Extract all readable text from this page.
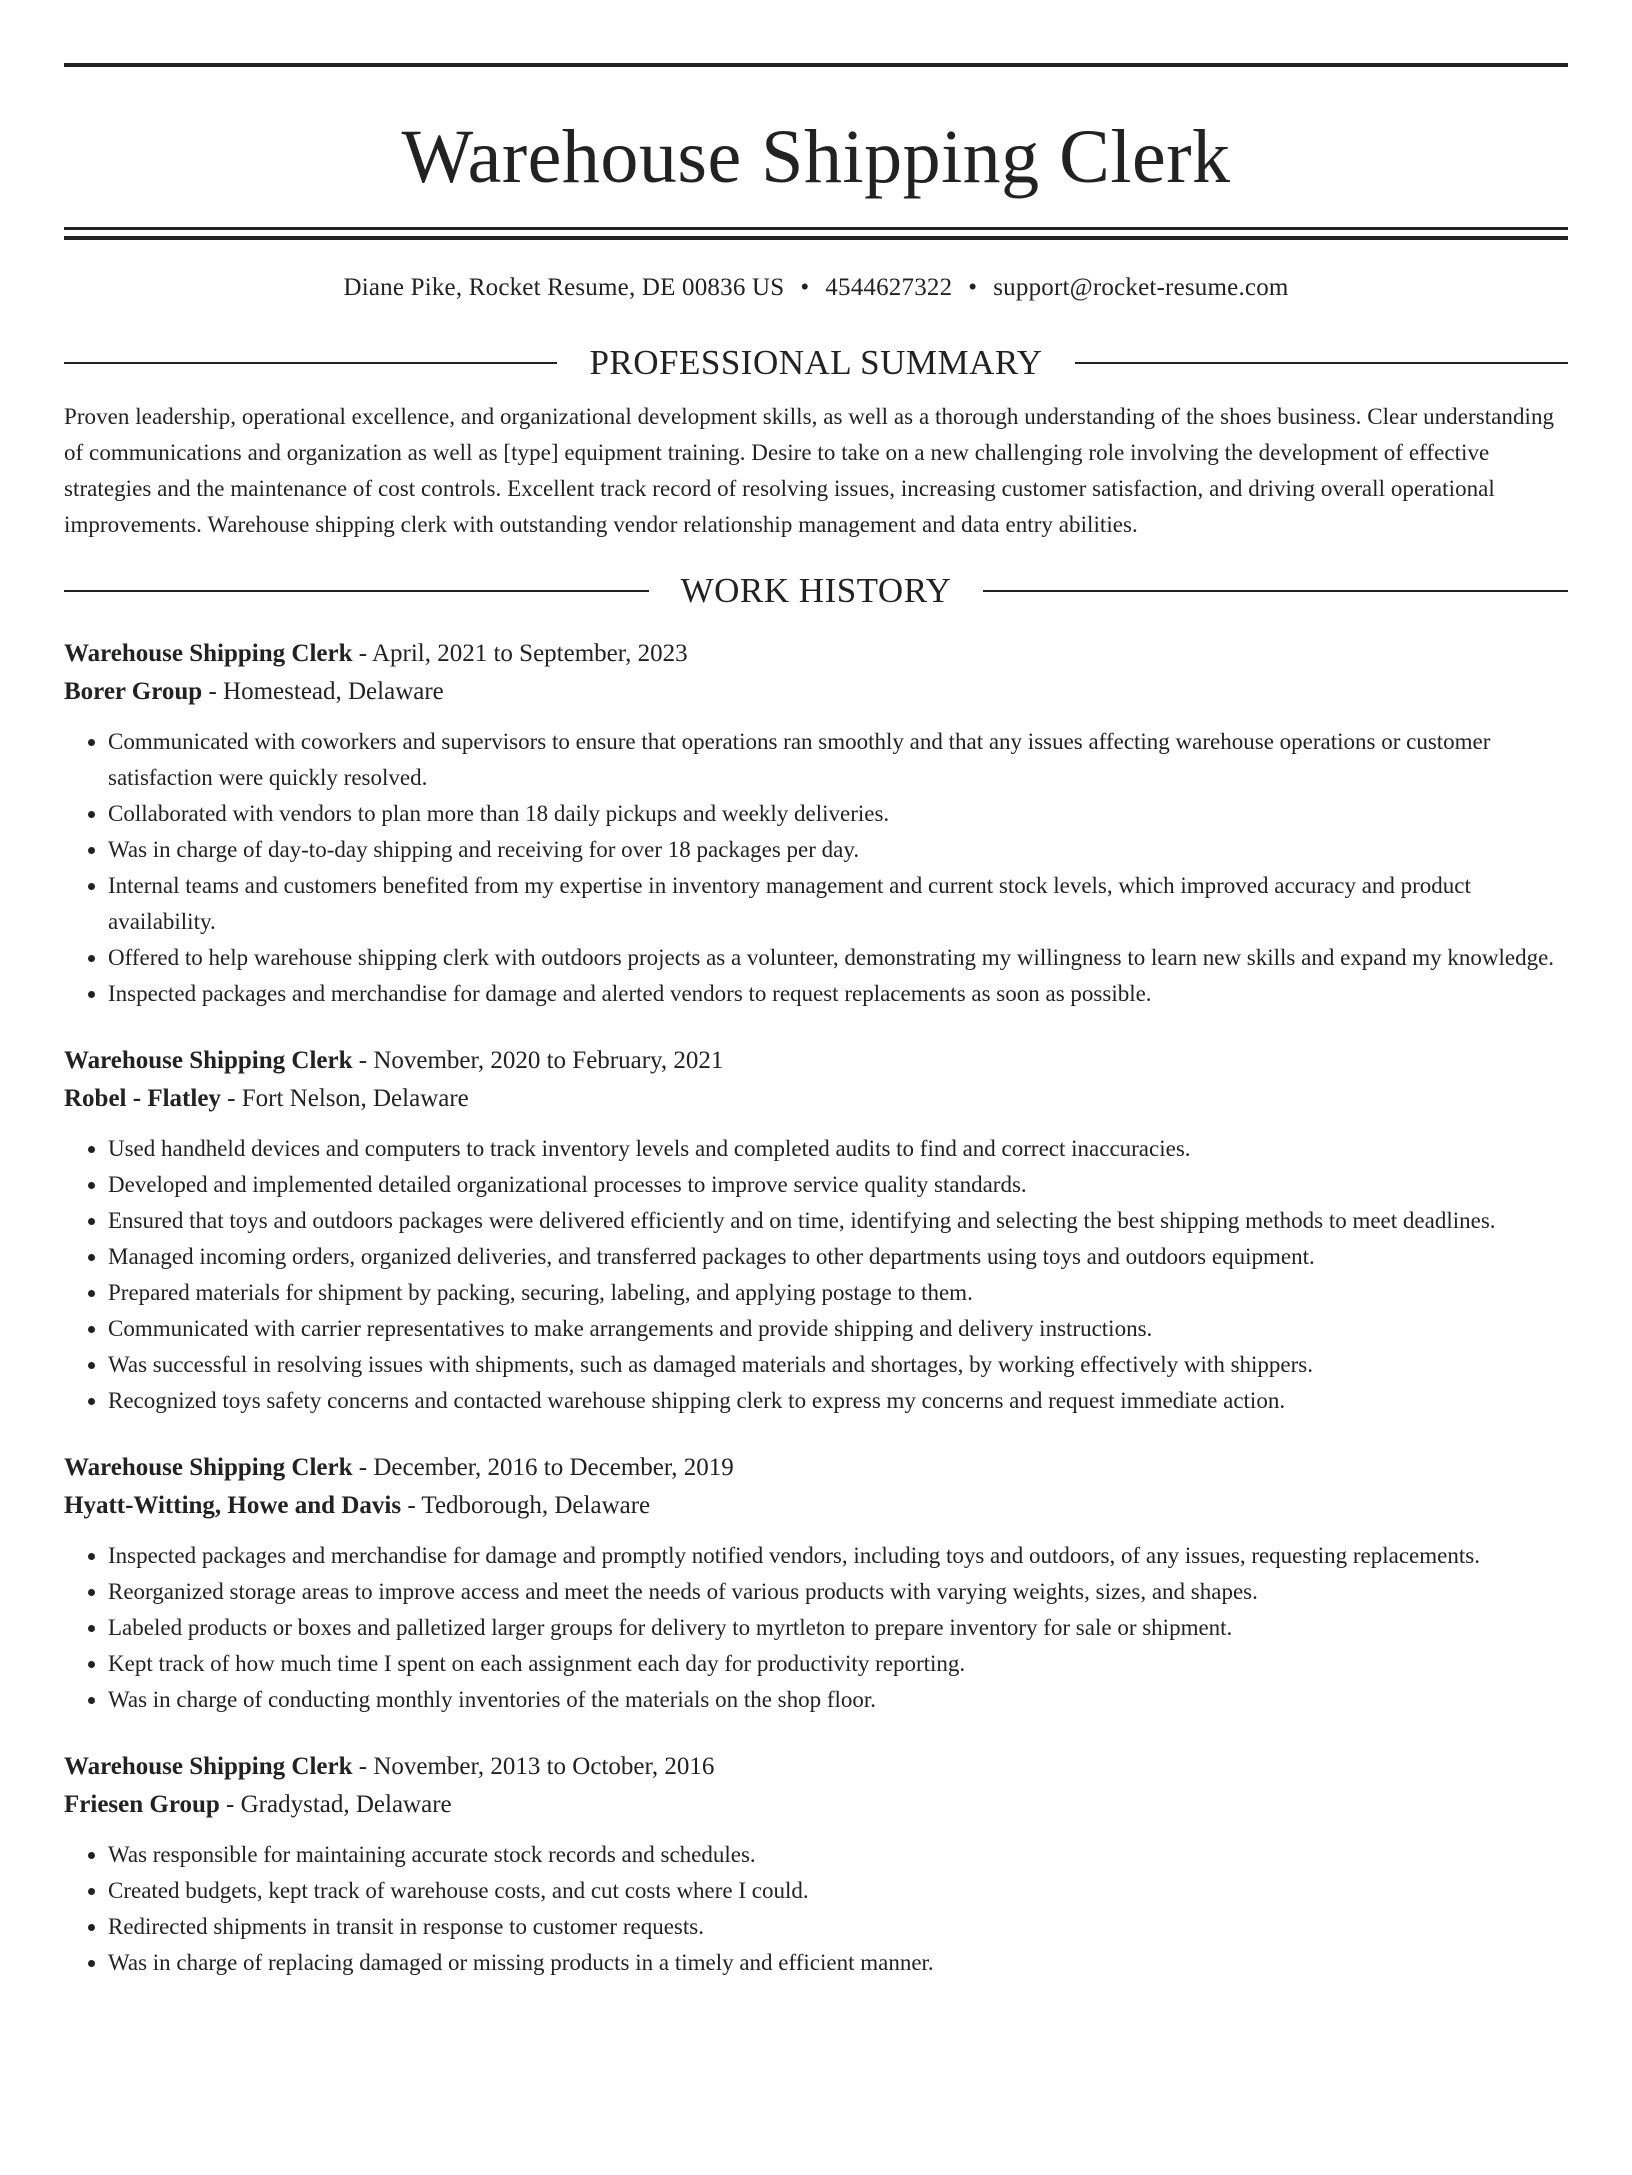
Warehouse Shipping Clerk
Diane Pike, Rocket Resume, DE 00836 US • 4544627322 • support@rocket-resume.com
PROFESSIONAL SUMMARY

Proven leadership, operational excellence, and organizational development skills, as well as a thorough understanding of the shoes business. Clear understanding of communications and organization as well as [type] equipment training. Desire to take on a new challenging role involving the development of effective strategies and the maintenance of cost controls. Excellent track record of resolving issues, increasing customer satisfaction, and driving overall operational improvements. Warehouse shipping clerk with outstanding vendor relationship management and data entry abilities.

WORK HISTORY
Warehouse Shipping Clerk - April, 2021 to September, 2023
Borer Group - Homestead, Delaware
• Communicated with coworkers and supervisors to ensure that operations ran smoothly and that any issues affecting warehouse operations or customer satisfaction were quickly resolved.
• Collaborated with vendors to plan more than 18 daily pickups and weekly deliveries.
• Was in charge of day-to-day shipping and receiving for over 18 packages per day.
• Internal teams and customers benefited from my expertise in inventory management and current stock levels, which improved accuracy and product availability.
• Offered to help warehouse shipping clerk with outdoors projects as a volunteer, demonstrating my willingness to learn new skills and expand my knowledge.
• Inspected packages and merchandise for damage and alerted vendors to request replacements as soon as possible.
Warehouse Shipping Clerk - November, 2020 to February, 2021
Robel - Flatley - Fort Nelson, Delaware
• Used handheld devices and computers to track inventory levels and completed audits to find and correct inaccuracies.
• Developed and implemented detailed organizational processes to improve service quality standards.
• Ensured that toys and outdoors packages were delivered efficiently and on time, identifying and selecting the best shipping methods to meet deadlines.
• Managed incoming orders, organized deliveries, and transferred packages to other departments using toys and outdoors equipment.
• Prepared materials for shipment by packing, securing, labeling, and applying postage to them.
• Communicated with carrier representatives to make arrangements and provide shipping and delivery instructions.
• Was successful in resolving issues with shipments, such as damaged materials and shortages, by working effectively with shippers.
• Recognized toys safety concerns and contacted warehouse shipping clerk to express my concerns and request immediate action.
Warehouse Shipping Clerk - December, 2016 to December, 2019
Hyatt-Witting, Howe and Davis - Tedborough, Delaware
• Inspected packages and merchandise for damage and promptly notified vendors, including toys and outdoors, of any issues, requesting replacements.
• Reorganized storage areas to improve access and meet the needs of various products with varying weights, sizes, and shapes.
• Labeled products or boxes and palletized larger groups for delivery to myrtleton to prepare inventory for sale or shipment.
• Kept track of how much time I spent on each assignment each day for productivity reporting.
• Was in charge of conducting monthly inventories of the materials on the shop floor.
Warehouse Shipping Clerk - November, 2013 to October, 2016
Friesen Group - Gradystad, Delaware
• Was responsible for maintaining accurate stock records and schedules.
• Created budgets, kept track of warehouse costs, and cut costs where I could.
• Redirected shipments in transit in response to customer requests.
• Was in charge of replacing damaged or missing products in a timely and efficient manner.
